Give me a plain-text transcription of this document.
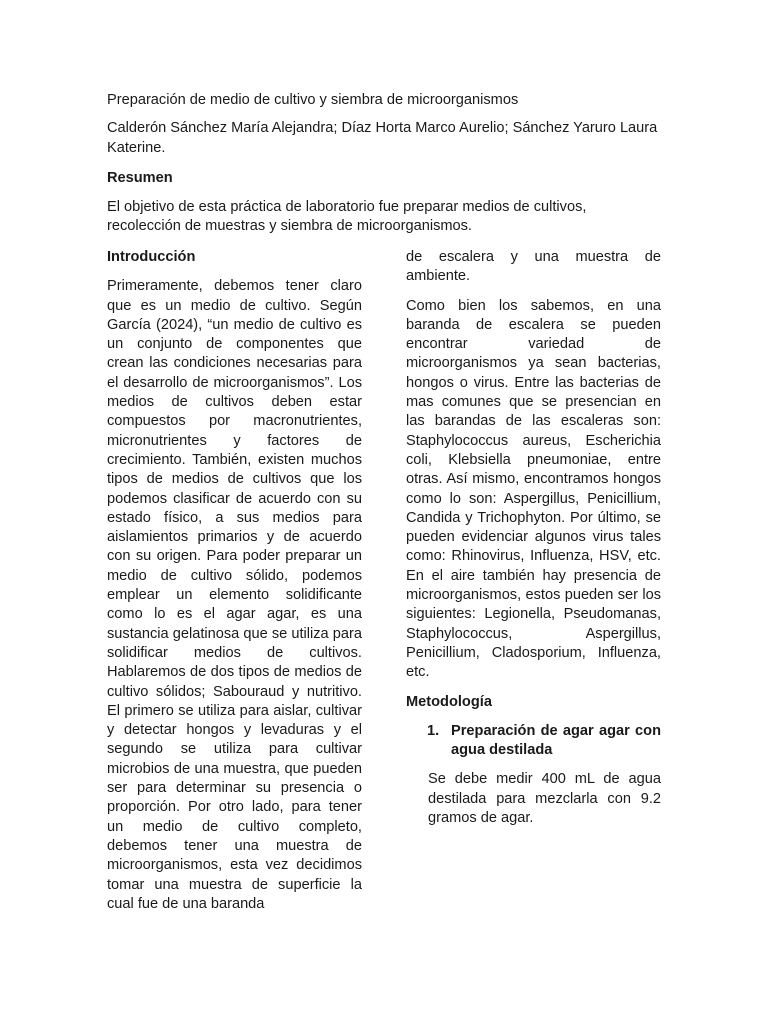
Preparación de medio de cultivo y siembra de microorganismos

Calderón Sánchez María Alejandra; Díaz Horta Marco Aurelio; Sánchez Yaruro Laura Katerine.

Resumen

El objetivo de esta práctica de laboratorio fue preparar medios de cultivos, recolección de muestras y siembra de microorganismos.

Introducción

Primeramente, debemos tener claro que es un medio de cultivo. Según García (2024), “un medio de cultivo es un conjunto de componentes que crean las condiciones necesarias para el desarrollo de microorganismos”. Los medios de cultivos deben estar compuestos por macronutrientes, micronutrientes y factores de crecimiento. También, existen muchos tipos de medios de cultivos que los podemos clasificar de acuerdo con su estado físico, a sus medios para aislamientos primarios y de acuerdo con su origen. Para poder preparar un medio de cultivo sólido, podemos emplear un elemento solidificante como lo es el agar agar, es una sustancia gelatinosa que se utiliza para solidificar medios de cultivos. Hablaremos de dos tipos de medios de cultivo sólidos; Sabouraud y nutritivo. El primero se utiliza para aislar, cultivar y detectar hongos y levaduras y el segundo se utiliza para cultivar microbios de una muestra, que pueden ser para determinar su presencia o proporción. Por otro lado, para tener un medio de cultivo completo, debemos tener una muestra de microorganismos, esta vez decidimos tomar una muestra de superficie la cual fue de una baranda

de escalera y una muestra de ambiente.

Como bien los sabemos, en una baranda de escalera se pueden encontrar variedad de microorganismos ya sean bacterias, hongos o virus. Entre las bacterias de mas comunes que se presencian en las barandas de las escaleras son: Staphylococcus aureus, Escherichia coli, Klebsiella pneumoniae, entre otras. Así mismo, encontramos hongos como lo son: Aspergillus, Penicillium, Candida y Trichophyton. Por último, se pueden evidenciar algunos virus tales como: Rhinovirus, Influenza, HSV, etc. En el aire también hay presencia de microorganismos, estos pueden ser los siguientes: Legionella, Pseudomanas, Staphylococcus, Aspergillus, Penicillium, Cladosporium, Influenza, etc.

Metodología

1. Preparación de agar agar con agua destilada

Se debe medir 400 mL de agua destilada para mezclarla con 9.2 gramos de agar.
